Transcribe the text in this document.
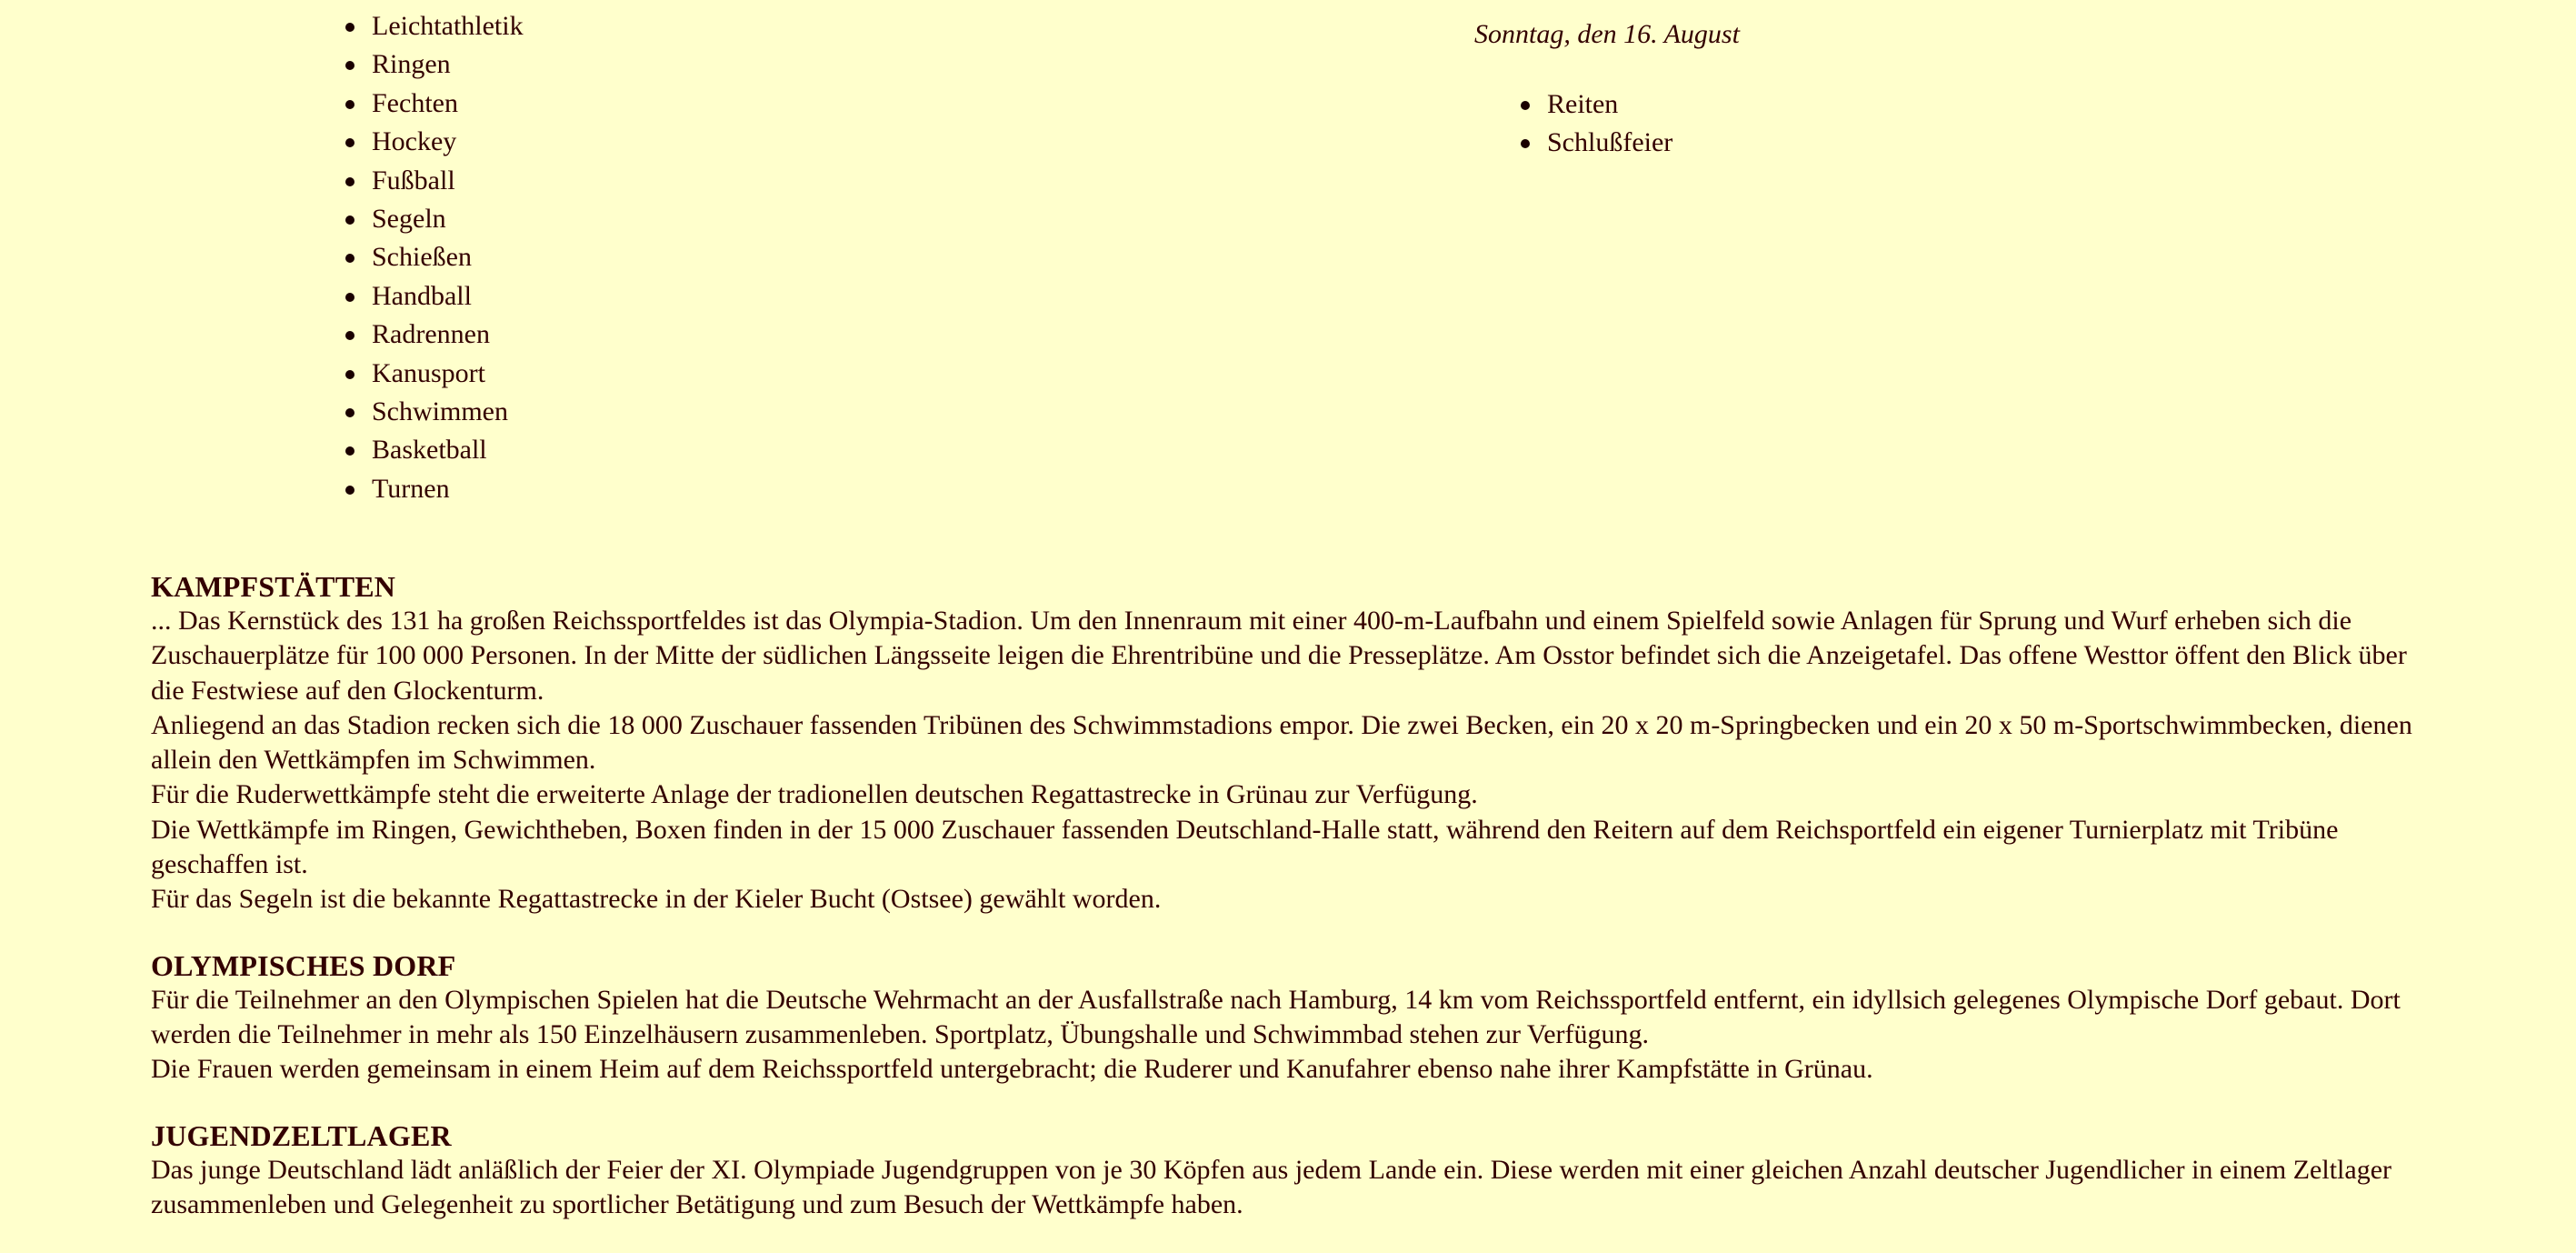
Leichtathletik
Ringen
Fechten
Hockey
Fußball
Segeln
Schießen
Handball
Radrennen
Kanusport
Schwimmen
Basketball
Turnen
Sonntag, den 16. August
Reiten
Schlußfeier
KAMPFSTÄTTEN

... Das Kernstück des 131 ha großen Reichssportfeldes ist das Olympia-Stadion. Um den Innenraum mit einer 400-m-Laufbahn und einem Spielfeld sowie Anlagen für Sprung und Wurf erheben sich die Zuschauerplätze für 100 000 Personen. In der Mitte der südlichen Längsseite leigen die Ehrentribüne und die Presseplätze. Am Osstor befindet sich die Anzeigetafel. Das offene Westtor öffent den Blick über die Festwiese auf den Glockenturm.

Anliegend an das Stadion recken sich die 18 000 Zuschauer fassenden Tribünen des Schwimmstadions empor. Die zwei Becken, ein 20 x 20 m-Springbecken und ein 20 x 50 m-Sportschwimmbecken, dienen allein den Wettkämpfen im Schwimmen.

Für die Ruderwettkämpfe steht die erweiterte Anlage der tradionellen deutschen Regattastrecke in Grünau zur Verfügung.

Die Wettkämpfe im Ringen, Gewichtheben, Boxen finden in der 15 000 Zuschauer fassenden Deutschland-Halle statt, während den Reitern auf dem Reichsportfeld ein eigener Turnierplatz mit Tribüne geschaffen ist.

Für das Segeln ist die bekannte Regattastrecke in der Kieler Bucht (Ostsee) gewählt worden.

OLYMPISCHES DORF

Für die Teilnehmer an den Olympischen Spielen hat die Deutsche Wehrmacht an der Ausfallstraße nach Hamburg, 14 km vom Reichssportfeld entfernt, ein idyllsich gelegenes Olympische Dorf gebaut. Dort werden die Teilnehmer in mehr als 150 Einzelhäusern zusammenleben. Sportplatz, Übungshalle und Schwimmbad stehen zur Verfügung.

Die Frauen werden gemeinsam in einem Heim auf dem Reichssportfeld untergebracht; die Ruderer und Kanufahrer ebenso nahe ihrer Kampfstätte in Grünau.

JUGENDZELTLAGER

Das junge Deutschland lädt anläßlich der Feier der XI. Olympiade Jugendgruppen von je 30 Köpfen aus jedem Lande ein. Diese werden mit einer gleichen Anzahl deutscher Jugendlicher in einem Zeltlager zusammenleben und Gelegenheit zu sportlicher Betätigung und zum Besuch der Wettkämpfe haben.
